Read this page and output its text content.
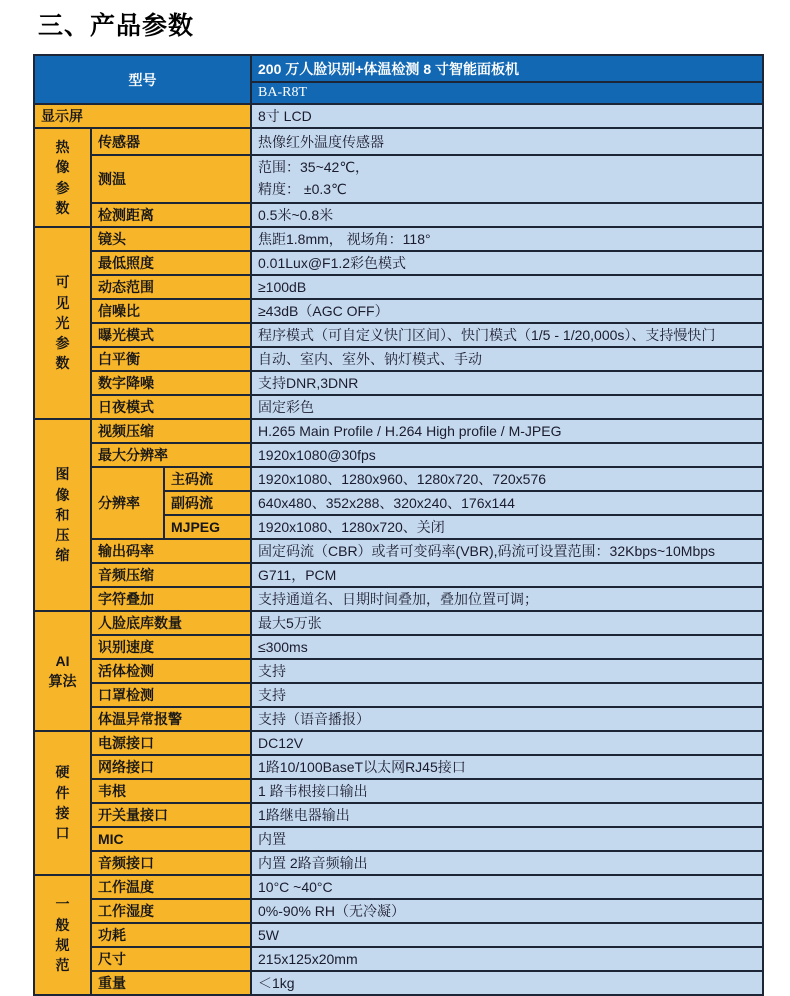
三、产品参数
型号			200 万人脸识别+体温检测 8 寸智能面板机
			BA-R8T
显示屏			8寸 LCD

热
像
参
数	传感器		热像红外温度传感器
	测温		范围：35~42℃，
精度： ±0.3℃

	检测距离		0.5米~0.8米

可
见
光
参
数	镜头		焦距1.8mm， 视场角：118°
	最低照度		0.01Lux@F1.2彩色模式
	动态范围		≥100dB
	信噪比		≥43dB（AGC OFF）
	曝光模式		程序模式（可自定义快门区间）、快门模式（1/5 - 1/20,000s）、支持慢快门
	白平衡		自动、室内、室外、钠灯模式、手动
	数字降噪		支持DNR,3DNR
	日夜模式		固定彩色

图
像
和
压
缩	视频压缩		H.265 Main Profile / H.264 High profile / M-JPEG
	最大分辨率		1920x1080@30fps
	分辨率	主码流	1920x1080、1280x960、1280x720、720x576
		副码流	640x480、352x288、320x240、176x144
		MJPEG	1920x1080、1280x720、关闭
	输出码率		固定码流（CBR）或者可变码率(VBR),码流可设置范围：32Kbps~10Mbps
	音频压缩		G711，PCM
	字符叠加		支持通道名、日期时间叠加，叠加位置可调；

AI
算法	人脸底库数量		最大5万张
	识别速度		≤300ms
	活体检测		支持
	口罩检测		支持
	体温异常报警		支持（语音播报）

硬
件
接
口	电源接口		DC12V
	网络接口		1路10/100BaseT以太网RJ45接口
	韦根		1 路韦根接口输出
	开关量接口		1路继电器输出
	MIC		内置
	音频接口		内置 2路音频输出

一
般
规
范	工作温度		10°C ~40°C
	工作湿度		0%-90% RH（无冷凝）
	功耗		5W
	尺寸		215x125x20mm
	重量		＜1kg
